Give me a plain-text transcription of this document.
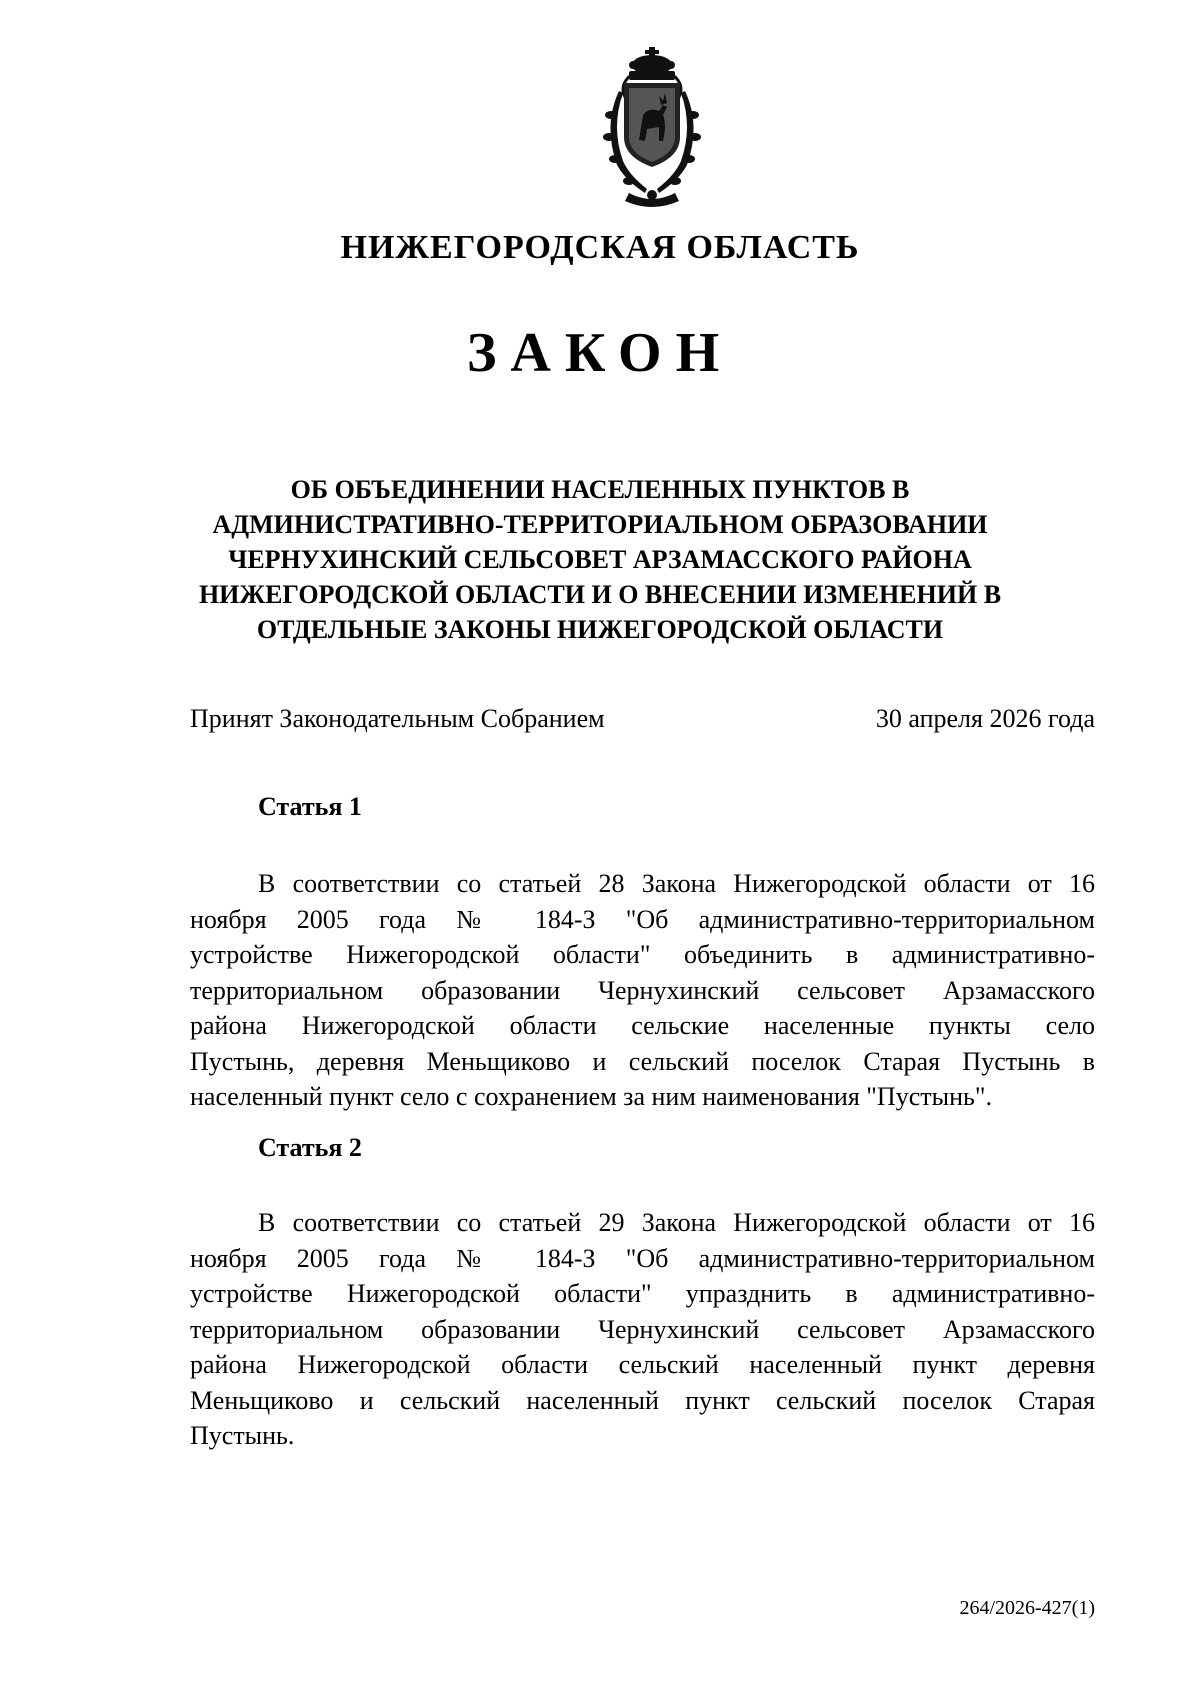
НИЖЕГОРОДСКАЯ ОБЛАСТЬ
ЗАКОН
ОБ ОБЪЕДИНЕНИИ НАСЕЛЕННЫХ ПУНКТОВ В
АДМИНИСТРАТИВНО-ТЕРРИТОРИАЛЬНОМ ОБРАЗОВАНИИ
ЧЕРНУХИНСКИЙ СЕЛЬСОВЕТ АРЗАМАССКОГО РАЙОНА
НИЖЕГОРОДСКОЙ ОБЛАСТИ И О ВНЕСЕНИИ ИЗМЕНЕНИЙ В
ОТДЕЛЬНЫЕ ЗАКОНЫ НИЖЕГОРОДСКОЙ ОБЛАСТИ
Принят Законодательным Собранием	30 апреля 2026 года
Статья 1

В соответствии со статьей 28 Закона Нижегородской области от 16
ноября 2005 года № 184-З "Об административно-территориальном
устройстве Нижегородской области" объединить в административно-
территориальном образовании Чернухинский сельсовет Арзамасского
района Нижегородской области сельские населенные пункты село
Пустынь, деревня Меньщиково и сельский поселок Старая Пустынь в
населенный пункт село с сохранением за ним наименования "Пустынь".

Статья 2

В соответствии со статьей 29 Закона Нижегородской области от 16
ноября 2005 года № 184-З "Об административно-территориальном
устройстве Нижегородской области" упразднить в административно-
территориальном образовании Чернухинский сельсовет Арзамасского
района Нижегородской области сельский населенный пункт деревня
Меньщиково и сельский населенный пункт сельский поселок Старая
Пустынь.

264/2026-427(1)
